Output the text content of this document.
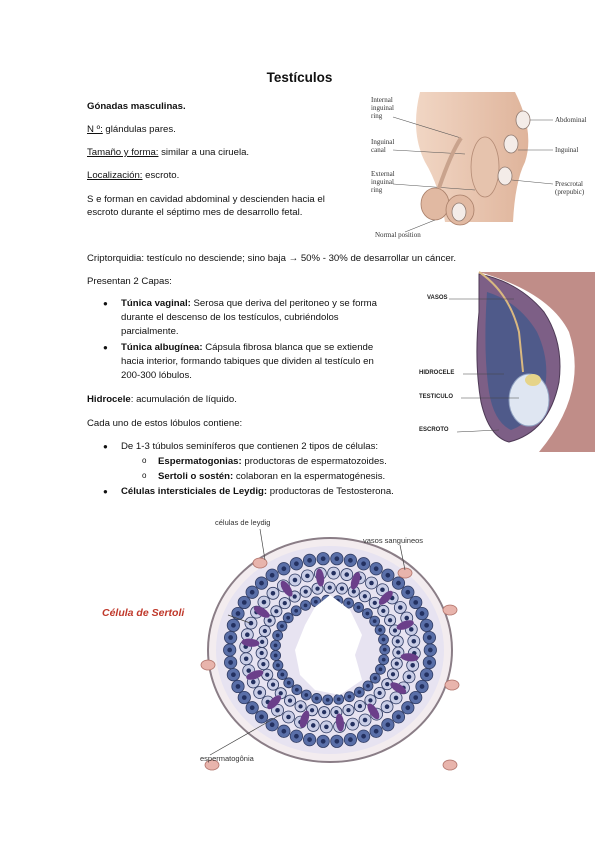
Testículos
Gónadas masculinas.
N º: glándulas pares.
Tamaño y forma: similar a una ciruela.
Localización: escroto.
S e forman en cavidad abdominal y descienden hacia el
escroto durante el séptimo mes de desarrollo fetal.
Criptorquidia: testículo no desciende; sino baja → 50% - 30% de desarrollar un cáncer.
Presentan 2 Capas:
● Túnica vaginal: Serosa que deriva del peritoneo y se forma
durante el descenso de los testículos, cubriéndolos
parcialmente.
● Túnica albugínea: Cápsula fibrosa blanca que se extiende
hacia interior, formando tabiques que dividen al testículo en
200-300 lóbulos.
Hidrocele: acumulación de líquido.
Cada uno de estos lóbulos contiene:
● De 1-3 túbulos seminíferos que contienen 2 tipos de células:
o Espermatogonias: productoras de espermatozoides.
o Sertoli o sostén: colaboran en la espermatogénesis.
● Células intersticiales de Leydig: productoras de Testosterona.
Internal
inguinal
ring
Inguinal
canal
External
inguinal
ring
Normal position
Abdominal
Inguinal
Prescrotal
(prepubic)
VASOS
HIDROCELE
TESTICULO
ESCROTO
células de leydig
vasos sanguineos
Célula de Sertoli
espermatogônia
